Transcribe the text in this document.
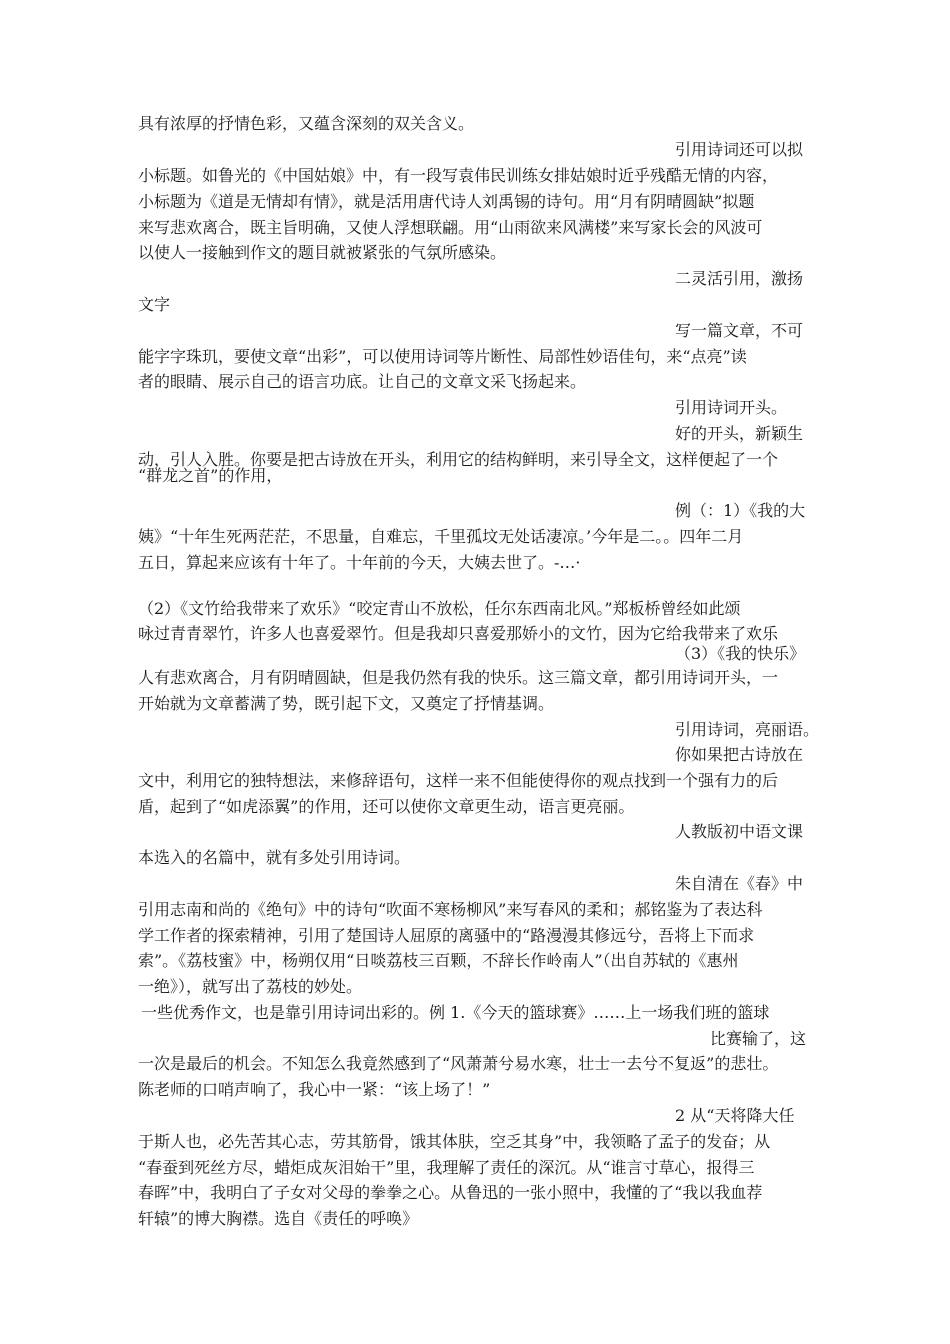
具有浓厚的抒情色彩，又蕴含深刻的双关含义。
引用诗词还可以拟
小标题。如鲁光的《中国姑娘》中，有一段写袁伟民训练女排姑娘时近乎残酷无情的内容，
小标题为《道是无情却有情》，就是活用唐代诗人刘禹锡的诗句。用“月有阴晴圆缺”拟题
来写悲欢离合，既主旨明确，又使人浮想联翩。用“山雨欲来风满楼”来写家长会的风波可
以使人一接触到作文的题目就被紧张的气氛所感染。
二灵活引用，激扬
文字
写一篇文章，不可
能字字珠玑，要使文章“出彩”，可以使用诗词等片断性、局部性妙语佳句，来“点亮”读
者的眼睛、展示自己的语言功底。让自己的文章文采飞扬起来。
引用诗词开头。
好的开头，新颖生
动，引人入胜。你要是把古诗放在开头，利用它的结构鲜明，来引导全文，这样便起了一个
“群龙之首”的作用，
例（：1）《我的大
姨》“十年生死两茫茫，不思量，自难忘，千里孤坟无处话凄凉。’今年是二。。四年二月
五日，算起来应该有十年了。十年前的今天，大姨去世了。-…·
（2）《文竹给我带来了欢乐》“咬定青山不放松，任尔东西南北风。”郑板桥曾经如此颂
咏过青青翠竹，许多人也喜爱翠竹。但是我却只喜爱那娇小的文竹，因为它给我带来了欢乐
（3）《我的快乐》
人有悲欢离合，月有阴晴圆缺，但是我仍然有我的快乐。这三篇文章，都引用诗词开头，一
开始就为文章蓄满了势，既引起下文，又奠定了抒情基调。
引用诗词，亮丽语。
你如果把古诗放在
文中，利用它的独特想法，来修辞语句，这样一来不但能使得你的观点找到一个强有力的后
盾，起到了“如虎添翼”的作用，还可以使你文章更生动，语言更亮丽。
人教版初中语文课
本选入的名篇中，就有多处引用诗词。
朱自清在《春》中
引用志南和尚的《绝句》中的诗句“吹面不寒杨柳风”来写春风的柔和；郝铭鉴为了表达科
学工作者的探索精神，引用了楚国诗人屈原的离骚中的“路漫漫其修远兮，吾将上下而求
索”。《荔枝蜜》中，杨朔仅用“日啖荔枝三百颗，不辞长作岭南人”（出自苏轼的《惠州
一绝》），就写出了荔枝的妙处。
一些优秀作文，也是靠引用诗词出彩的。例 1.《今天的篮球赛》……上一场我们班的篮球
比赛输了，这
一次是最后的机会。不知怎么我竟然感到了“风萧萧兮易水寒，壮士一去兮不复返”的悲壮。
陈老师的口哨声响了，我心中一紧：“该上场了！”
2 从“天将降大任
于斯人也，必先苦其心志，劳其筋骨，饿其体肤，空乏其身”中，我领略了孟子的发奋；从
“春蚕到死丝方尽，蜡炬成灰泪始干”里，我理解了责任的深沉。从“谁言寸草心，报得三
春晖”中，我明白了子女对父母的拳拳之心。从鲁迅的一张小照中，我懂的了“我以我血荐
轩辕”的博大胸襟。选自《责任的呼唤》
